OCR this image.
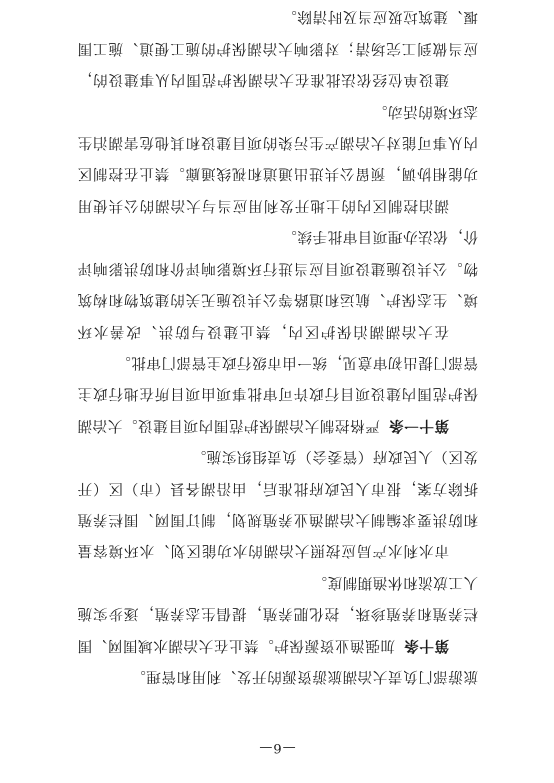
旅游部门负责大冶湖旅游资源的开发、利用和管理。

第十条加强渔业资源保护。禁止在大冶湖水域围网、围栏养殖和养殖珍珠，控化肥养殖，提倡生态养殖，逐步实施人工放流和休渔期制度。

市水利水产局应按照大冶湖的水功能区划、水环境容量和防洪要求编制大冶湖渔业养殖规划，制订围网、围栏养殖拆除方案，报市人民政府批准后，由沿湖各县（市）区（开发区）人民政府（管委会）负责组织实施。

第十一条严格控制大冶湖保护范围内项目建设。大冶湖保护范围内建设项目行政许可审批事项由项目所在地行政主管部门提出初审意见，统一由市级行政主管部门审批。

在大冶湖湖泊保护区内，禁止建设与防洪、改善水环境、生态保护、航运和道路等公共设施无关的建筑物和构筑物。公共设施建设项目应当进行环境影响评价和防洪影响评价，依法办理项目审批手续。

湖泊控制区内的土地开发利用应当与大冶湖的公共使用功能相协调，预留公共进出通道和视线通廊。禁止在控制区内从事可能对大冶湖产生污染的项目建设和其他危害湖泊生态环境的活动。

建设单位经依法批准在大冶湖保护范围内从事建设的，应当做到工完场清；对影响大冶湖保护的施工便道、施工围堰、建筑垃圾应当及时清除。

—6—
